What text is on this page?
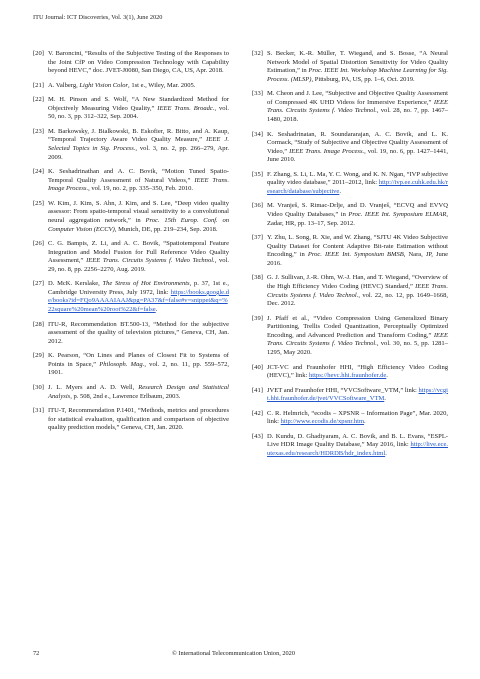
ITU Journal: ICT Discoveries, Vol. 3(1), June 2020
[20] V. Baroncini, “Results of the Subjective Testing of the Responses to the Joint CfP on Video Compression Technology with Capability beyond HEVC,” doc. JVET-J0080, San Diego, CA, US, Apr. 2018.
[21] A. Valberg, Light Vision Color, 1st e., Wiley, Mar. 2005.
[22] M. H. Pinson and S. Wolf, “A New Standardized Method for Objectively Measuring Video Quality,” IEEE Trans. Broadc., vol. 50, no. 3, pp. 312–322, Sep. 2004.
[23] M. Barkowsky, J. Bialkowski, B. Eskofier, R. Bitto, and A. Kaup, “Temporal Trajectory Aware Video Quality Measure,” IEEE J. Selected Topics in Sig. Process., vol. 3, no. 2, pp. 266–279, Apr. 2009.
[24] K. Seshadrinathan and A. C. Bovik, “Motion Tuned Spatio-Temporal Quality Assessment of Natural Videos,” IEEE Trans. Image Process., vol. 19, no. 2, pp. 335–350, Feb. 2010.
[25] W. Kim, J. Kim, S. Ahn, J. Kim, and S. Lee, “Deep video quality assessor: From spatio-temporal visual sensitivity to a convolutional neural aggregation network,” in Proc. 15th Europ. Conf. on Computer Vision (ECCV), Munich, DE, pp. 219–234, Sep. 2018.
[26] C. G. Bampis, Z. Li, and A. C. Bovik, “Spatiotemporal Feature Integration and Model Fusion for Full Reference Video Quality Assessment,” IEEE Trans. Circuits Systems f. Video Technol., vol. 29, no. 8, pp. 2256–2270, Aug. 2019.
[27] D. McK. Kerslake, The Stress of Hot Environments, p. 37, 1st e., Cambridge University Press, July 1972, link: https://books.google.de/books?id=FQo9AAAAIAAJ&pg=PA37&f=false#v=snippet&q=%22square%20mean%20root%22&f=false.
[28] ITU-R, Recommendation BT.500-13, “Method for the subjective assessment of the quality of television pictures,” Geneva, CH, Jan. 2012.
[29] K. Pearson, “On Lines and Planes of Closest Fit to Systems of Points in Space,” Philosoph. Mag., vol. 2, no. 11, pp. 559–572, 1901.
[30] J. L. Myers and A. D. Well, Research Design and Statistical Analysis, p. 508, 2nd e., Lawrence Erlbaum, 2003.
[31] ITU-T, Recommendation P.1401, “Methods, metrics and procedures for statistical evaluation, qualification and comparison of objective quality prediction models,” Geneva, CH, Jan. 2020.
[32] S. Becker, K.-R. Müller, T. Wiegand, and S. Bosse, “A Neural Network Model of Spatial Distortion Sensitivity for Video Quality Estimation,” in Proc. IEEE Int. Workshop Machine Learning for Sig. Process. (MLSP), Pittsburg, PA, US, pp. 1–6, Oct. 2019.
[33] M. Cheon and J. Lee, “Subjective and Objective Quality Assessment of Compressed 4K UHD Videos for Immersive Experience,” IEEE Trans. Circuits Systems f. Video Technol., vol. 28, no. 7, pp. 1467–1480, 2018.
[34] K. Seshadrinatan, R. Soundararajan, A. C. Bovik, and L. K. Cormack, “Study of Subjective and Objective Quality Assessment of Video,” IEEE Trans. Image Process., vol. 19, no. 6, pp. 1427–1441, June 2010.
[35] F. Zhang, S. Li, L. Ma, Y. C. Wong, and K. N. Ngan, “IVP subjective quality video database,” 2011–2012, link: http://ivp.ee.cuhk.edu.hk/research/database/subjective.
[36] M. Vranješ, S. Rimac-Drlje, and D. Vranješ, “ECVQ and EVVQ Video Quality Databases,” in Proc. IEEE Int. Symposium ELMAR, Zadar, HR, pp. 13–17, Sep. 2012.
[37] Y. Zhu, L. Song, R. Xie, and W. Zhang, “SJTU 4K Video Subjective Quality Dataset for Content Adaptive Bit-rate Estimation without Encoding,” in Proc. IEEE Int. Symposium BMSB, Nara, JP, June 2016.
[38] G. J. Sullivan, J.-R. Ohm, W.-J. Han, and T. Wiegand, “Overview of the High Efficiency Video Coding (HEVC) Standard,” IEEE Trans. Circuits Systems f. Video Technol., vol. 22, no. 12, pp. 1649–1668, Dec. 2012.
[39] J. Pfaff et al., “Video Compression Using Generalized Binary Partitioning, Trellis Coded Quantization, Perceptually Optimized Encoding, and Advanced Prediction and Transform Coding,” IEEE Trans. Circuits Systems f. Video Technol., vol. 30, no. 5, pp. 1281–1295, May 2020.
[40] JCT-VC and Fraunhofer HHI, “High Efficiency Video Coding (HEVC),” link: https://hevc.hhi.fraunhofer.de.
[41] JVET and Fraunhofer HHI, “VVCSoftware_VTM,” link: https://vcgit.hhi.fraunhofer.de/jvet/VVCSoftware_VTM.
[42] C. R. Helmrich, “ecodis – XPSNR – Information Page”, Mar. 2020, link: http://www.ecodis.de/xpsnr.htm.
[43] D. Kundu, D. Ghadiyaram, A. C. Bovik, and B. L. Evans, “ESPL-Live HDR Image Quality Database,” May 2016, link: http://live.ece.utexas.edu/research/HDRDB/hdr_index.html.
72	© International Telecommunication Union, 2020
